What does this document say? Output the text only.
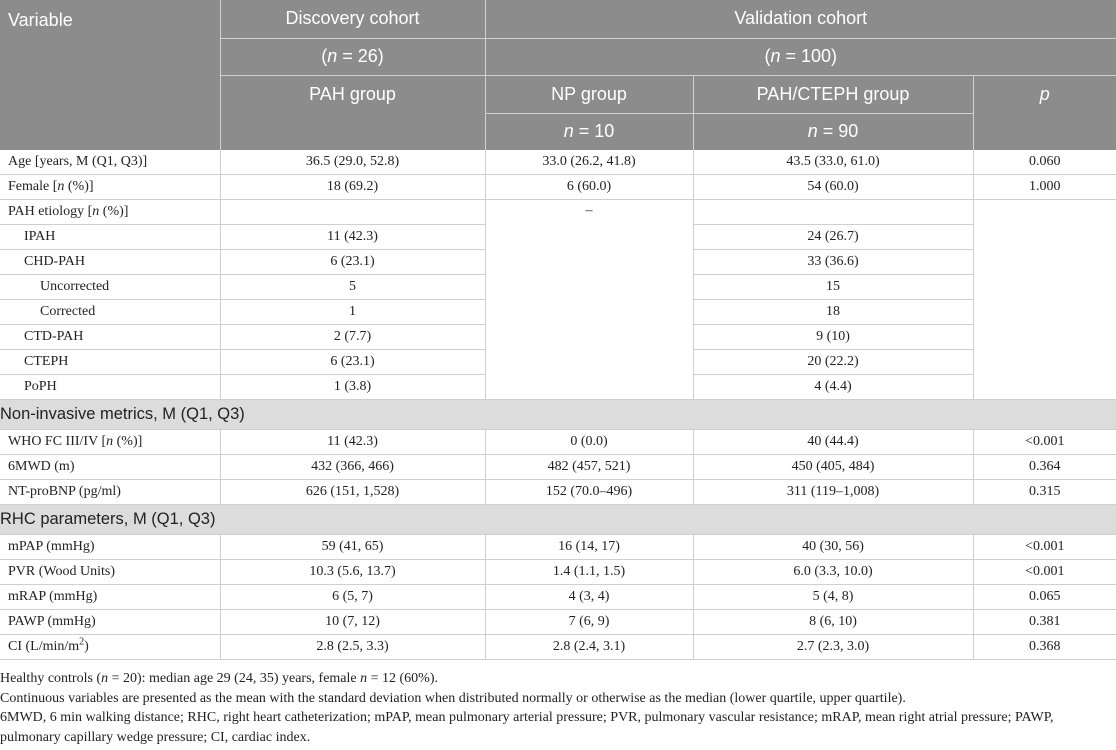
Variable	Discovery cohort	Validation cohort		
	(n = 26)	(n = 100)		
	PAH group	NP group	PAH/CTEPH group	p
		n = 10	n = 90	
Age [years, M (Q1, Q3)]	36.5 (29.0, 52.8)	33.0 (26.2, 41.8)	43.5 (33.0, 61.0)	0.060
Female [n (%)]	18 (69.2)	6 (60.0)	54 (60.0)	1.000
PAH etiology [n (%)]		–		
IPAH	11 (42.3)		24 (26.7)	
CHD-PAH	6 (23.1)		33 (36.6)	
Uncorrected	5		15	
Corrected	1		18	
CTD-PAH	2 (7.7)		9 (10)	
CTEPH	6 (23.1)		20 (22.2)	
PoPH	1 (3.8)		4 (4.4)	
Non-invasive metrics, M (Q1, Q3)				
WHO FC III/IV [n (%)]	11 (42.3)	0 (0.0)	40 (44.4)	<0.001
6MWD (m)	432 (366, 466)	482 (457, 521)	450 (405, 484)	0.364
NT-proBNP (pg/ml)	626 (151, 1,528)	152 (70.0–496)	311 (119–1,008)	0.315
RHC parameters, M (Q1, Q3)				
mPAP (mmHg)	59 (41, 65)	16 (14, 17)	40 (30, 56)	<0.001
PVR (Wood Units)	10.3 (5.6, 13.7)	1.4 (1.1, 1.5)	6.0 (3.3, 10.0)	<0.001
mRAP (mmHg)	6 (5, 7)	4 (3, 4)	5 (4, 8)	0.065
PAWP (mmHg)	10 (7, 12)	7 (6, 9)	8 (6, 10)	0.381
CI $(L/\min/m^2)$	2.8 (2.5, 3.3)	2.8 (2.4, 3.1)	2.7 (2.3, 3.0)	0.368

Healthy controls (n = 20): median age 29 (24, 35) years, female n = 12 (60%).

Continuous variables are presented as the mean with the standard deviation when distributed normally or otherwise as the median (lower quartile, upper quartile).

6MWD, 6 min walking distance; RHC, right heart catheterization; mPAP, mean pulmonary arterial pressure; PVR, pulmonary vascular resistance; mRAP, mean right atrial pressure; PAWP, pulmonary capillary wedge pressure; CI, cardiac index.
